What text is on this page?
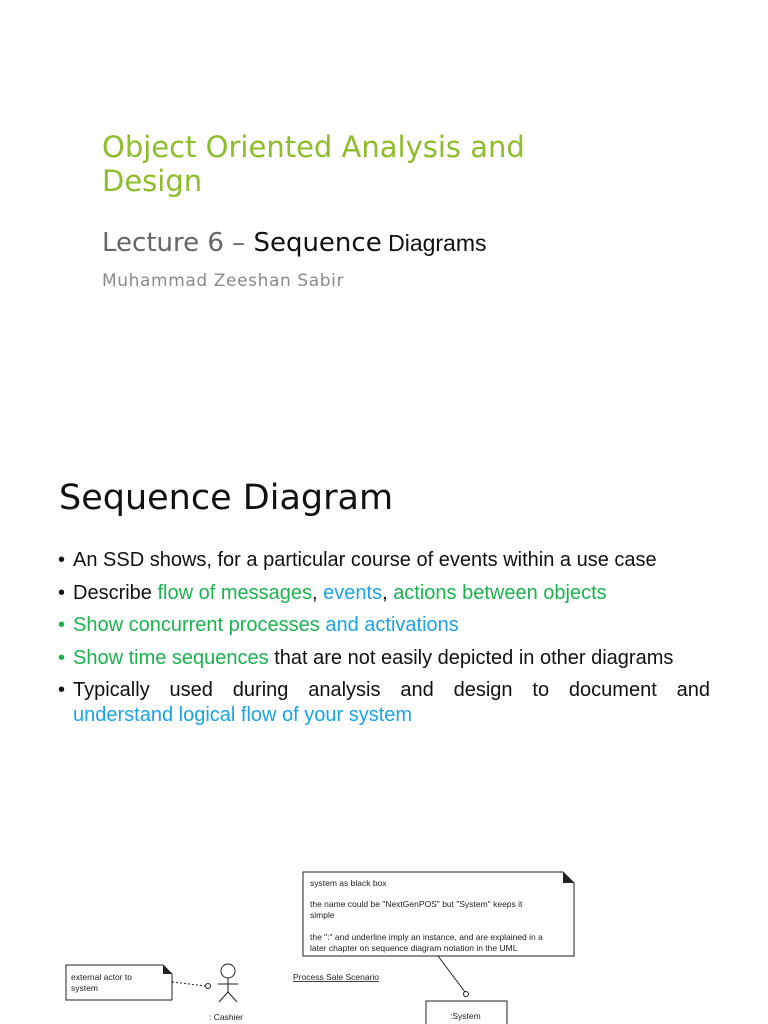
Object Oriented Analysis and
Design
Lecture 6 – Sequence Diagrams
Muhammad Zeeshan Sabir
Sequence Diagram
• An SSD shows, for a particular course of events within a use case
• Describe flow of messages, events, actions between objects
• Show concurrent processes and activations
• Show time sequences that are not easily depicted in other diagrams
• Typically used during analysis and design to document and
understand logical flow of your system
system as black box
the name could be "NextGenPOS" but "System" keeps it
simple
the ":" and underline imply an instance, and are explained in a
later chapter on sequence diagram notation in the UML
external actor to
system
: Cashier
Process Sale Scenario
:System
